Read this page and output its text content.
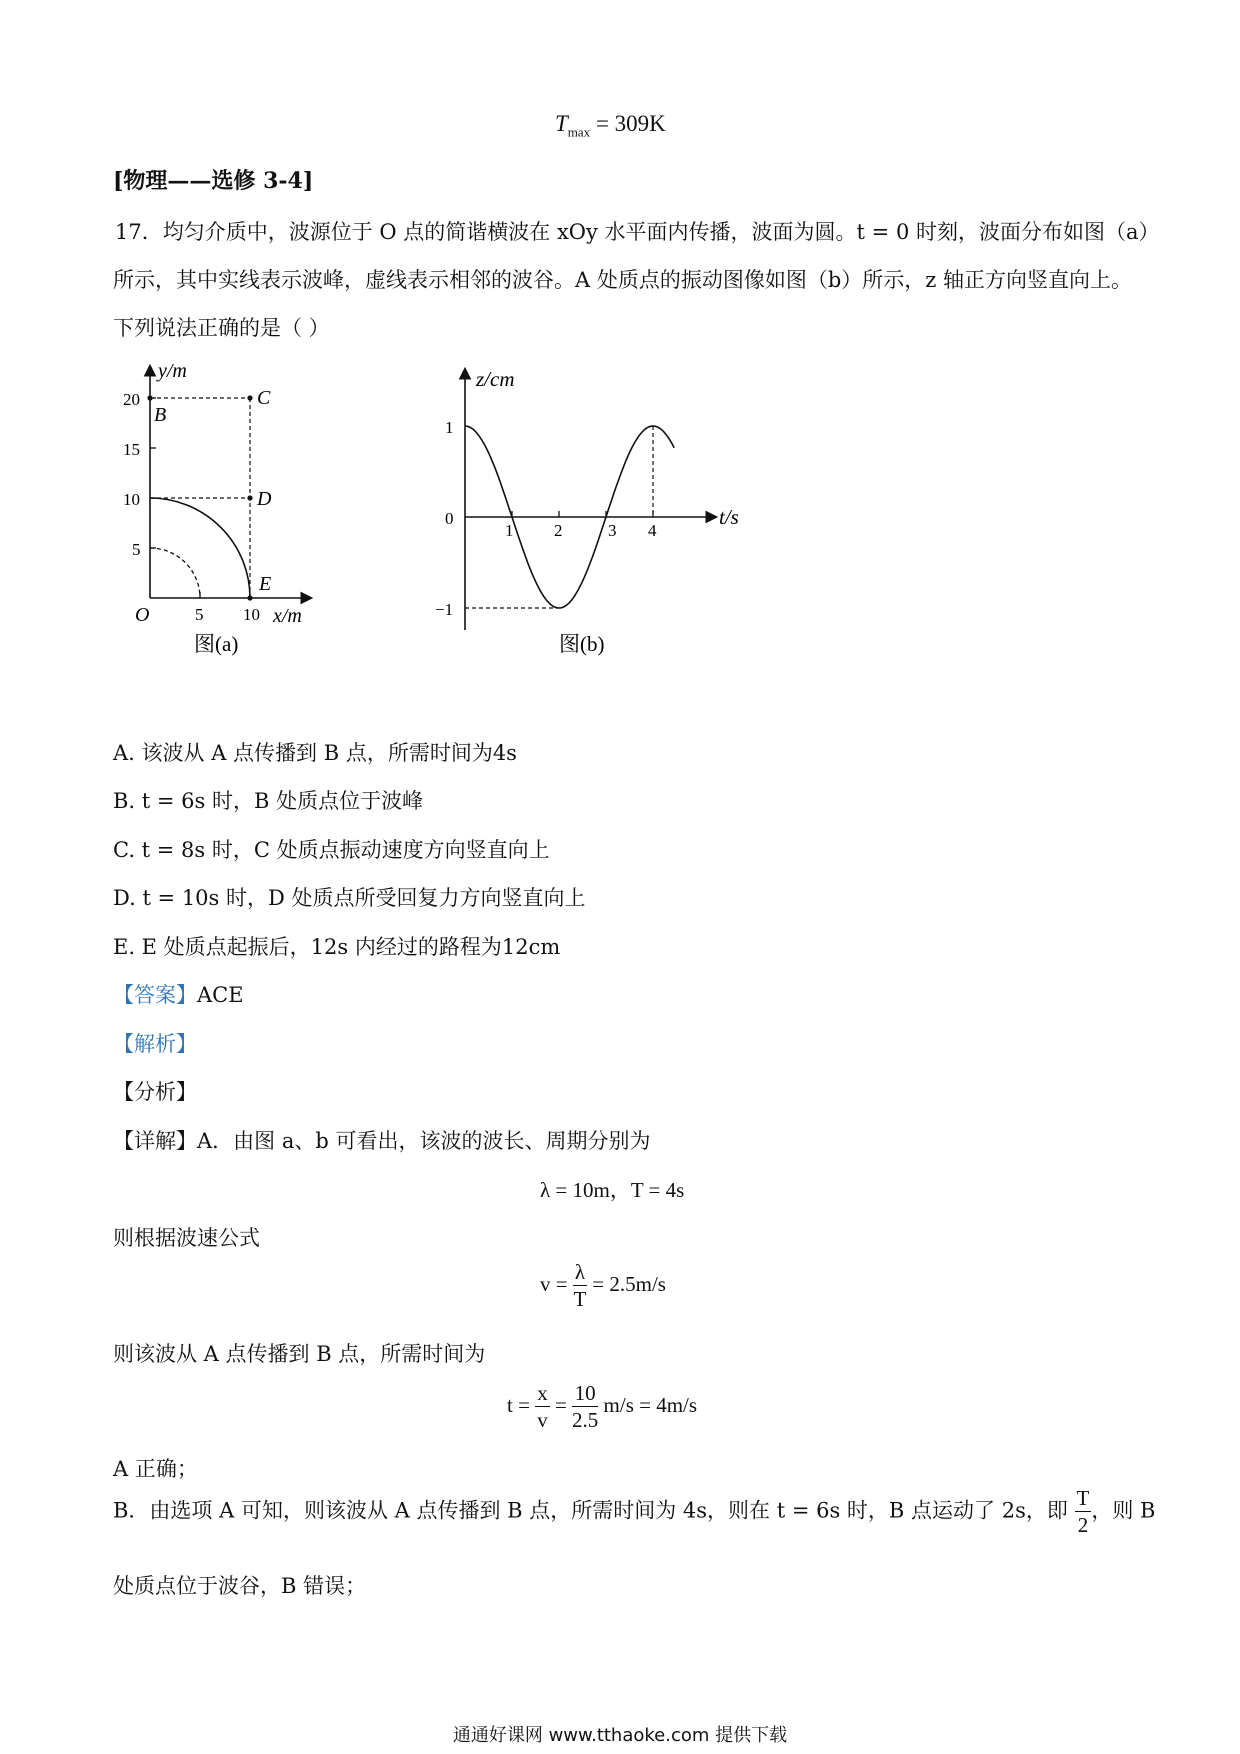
$T_{max} = 309K$
[物理——选修 3-4]
17．均匀介质中，波源位于 O 点的简谐横波在 xOy 水平面内传播，波面为圆。t = 0 时刻，波面分布如图（a）
所示，其中实线表示波峰，虚线表示相邻的波谷。A 处质点的振动图像如图（b）所示，z 轴正方向竖直向上。
下列说法正确的是（ ）
y/m
20
15
10
5
5 10 x/m
O
B
C
D
E
图(a)
z/cm
t/s
1
0
−1
1 2	3 4
图(b)
A. 该波从 A 点传播到 B 点，所需时间为4s
B. t = 6s 时，B 处质点位于波峰
C. t = 8s 时，C 处质点振动速度方向竖直向上
D. t = 10s 时，D 处质点所受回复力方向竖直向上
E. E 处质点起振后，12s 内经过的路程为12cm
【答案】ACE
【解析】
【分析】
【详解】A．由图 a、b 可看出，该波的波长、周期分别为
λ = 10m，T = 4s
则根据波速公式
$v = \frac{\lambda}{T} = 2.5m/s$
则该波从 A 点传播到 B 点，所需时间为
$t = \frac{x}{v} = \frac{10}{2.5} m/s = 4m/s$
A 正确；
B．由选项 A 可知，则该波从 A 点传播到 B 点，所需时间为 4s，则在 t = 6s 时，B 点运动了 2s，即 $\frac{T}{2}$ ，则 B
处质点位于波谷，B 错误；
通通好课网 www.tthaoke.com 提供下载
